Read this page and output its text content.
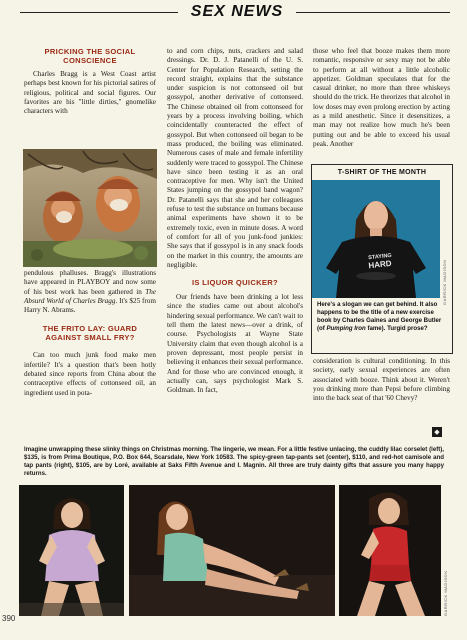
SEX NEWS
PRICKING THE SOCIAL CONSCIENCE

Charles Bragg is a West Coast artist perhaps best known for his pictorial satires of religious, political and social figures. Our favorites are his "little dirties," gnomelike characters with

pendulous phalluses. Bragg's illustrations have appeared in PLAYBOY and now some of his best work has been gathered in The Absurd World of Charles Bragg. It's $25 from Harry N. Abrams.

THE FRITO LAY: GUARD AGAINST SMALL FRY?

Can too much junk food make men infertile? It's a question that's been hotly debated since reports from China about the contraceptive effects of cottonseed oil, an ingredient used in pota-

to and corn chips, nuts, crackers and salad dressings. Dr. D. J. Patanelli of the U. S. Center for Population Research, setting the record straight, explains that the substance under suspicion is not cottonseed oil but gossypol, another derivative of cottonseed. The Chinese obtained oil from cottonseed for years by a process involving boiling, which coincidentally counteracted the effect of gossypol. But when cottonseed oil began to be mass produced, the boiling was eliminated. Numerous cases of male and female infertility suddenly were traced to gossypol. The Chinese have since been testing it as an oral contraceptive for men. Why isn't the United States jumping on the gossypol band wagon? Dr. Patanelli says that she and her colleagues refuse to test the substance on humans because animal experiments have shown it to be extremely toxic, even in minute doses. A word of comfort for all of you junk-food junkies: She says that if gossypol is in any snack foods on the market in this country, the amounts are negligible.

IS LIQUOR QUICKER?

Our friends have been drinking a lot less since the studies came out about alcohol's hindering sexual performance. We can't wait to tell them the latest news—over a drink, of course. Psychologists at Wayne State University claim that even though alcohol is a proven depressant, most people persist in believing it enhances their sexual performance. And for those who are convinced enough, it actually can, says psychologist Mark S. Goldman. In fact,

those who feel that booze makes them more romantic, responsive or sexy may not be able to perform at all without a little alcoholic appetizer. Goldman speculates that for the casual drinker, no more than three whiskeys should do the trick. He theorizes that alcohol in low doses may even prolong erection by acting as a mild anesthetic. Since it desensitizes, a man may not realize how much he's been putting out and be able to exceed his usual peak. Another

T-SHIRT OF THE MONTH
STAYING
HARD	GARRICK MADISON
Here's a slogan we can get behind. It also happens to be the title of a new exercise book by Charles Gaines and George Butler (of Pumping Iron fame). Turgid prose?

consideration is cultural conditioning. In this society, early sexual experiences are often associated with booze. Think about it. Weren't you drinking more than Pepsi before climbing into the back seat of that '60 Chevy?

◆
Imagine unwrapping these slinky things on Christmas morning. The lingerie, we mean. For a little festive unlacing, the cuddly lilac corselet (left), $135, is from Prima Boutique, P.O. Box 644, Scarsdale, New York 10583. The spicy-green tap-pants set (center), $110, and red-hot camisole and tap pants (right), $105, are by Loré, available at Saks Fifth Avenue and I. Magnin. All three are truly dainty gifts that assure you many happy returns.
GARRICK MADISON
390
